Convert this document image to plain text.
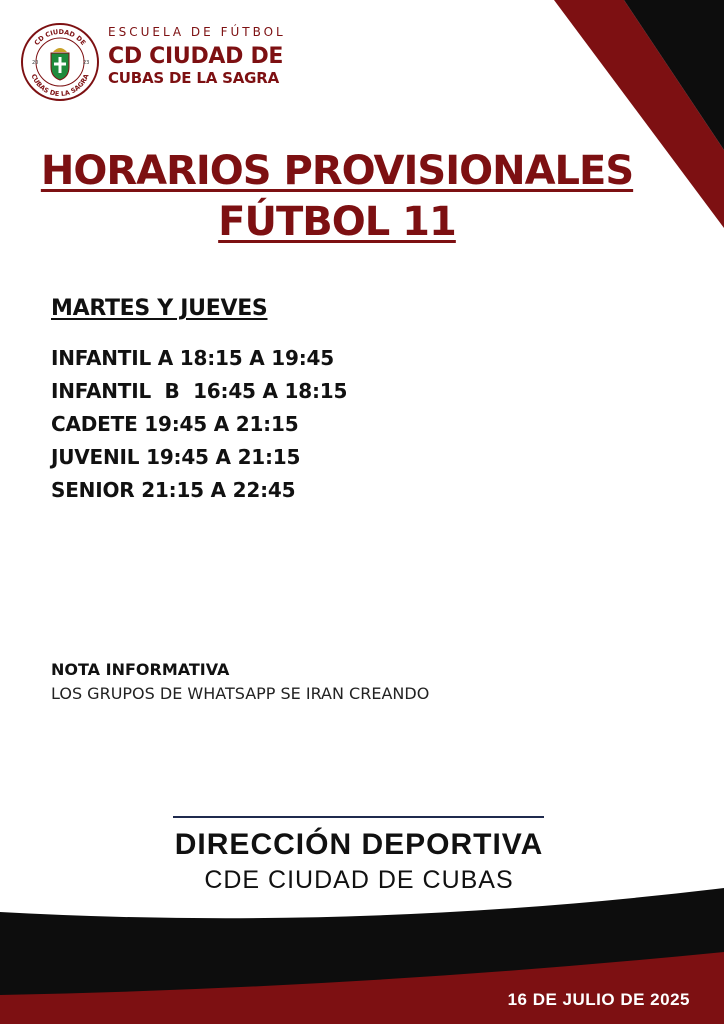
CD CIUDAD DE
CUBAS DE LA SAGRA
20	23
ESCUELA DE FÚTBOL
CD CIUDAD DE
CUBAS DE LA SAGRA
HORARIOS PROVISIONALES
FÚTBOL 11
MARTES Y JUEVES
INFANTIL A 18:15 A 19:45
INFANTIL  B  16:45 A 18:15
CADETE 19:45 A 21:15
JUVENIL 19:45 A 21:15
SENIOR 21:15 A 22:45
NOTA INFORMATIVA
LOS GRUPOS DE WHATSAPP SE IRAN CREANDO
DIRECCIÓN DEPORTIVA
CDE CIUDAD DE CUBAS
16 DE JULIO DE 2025
